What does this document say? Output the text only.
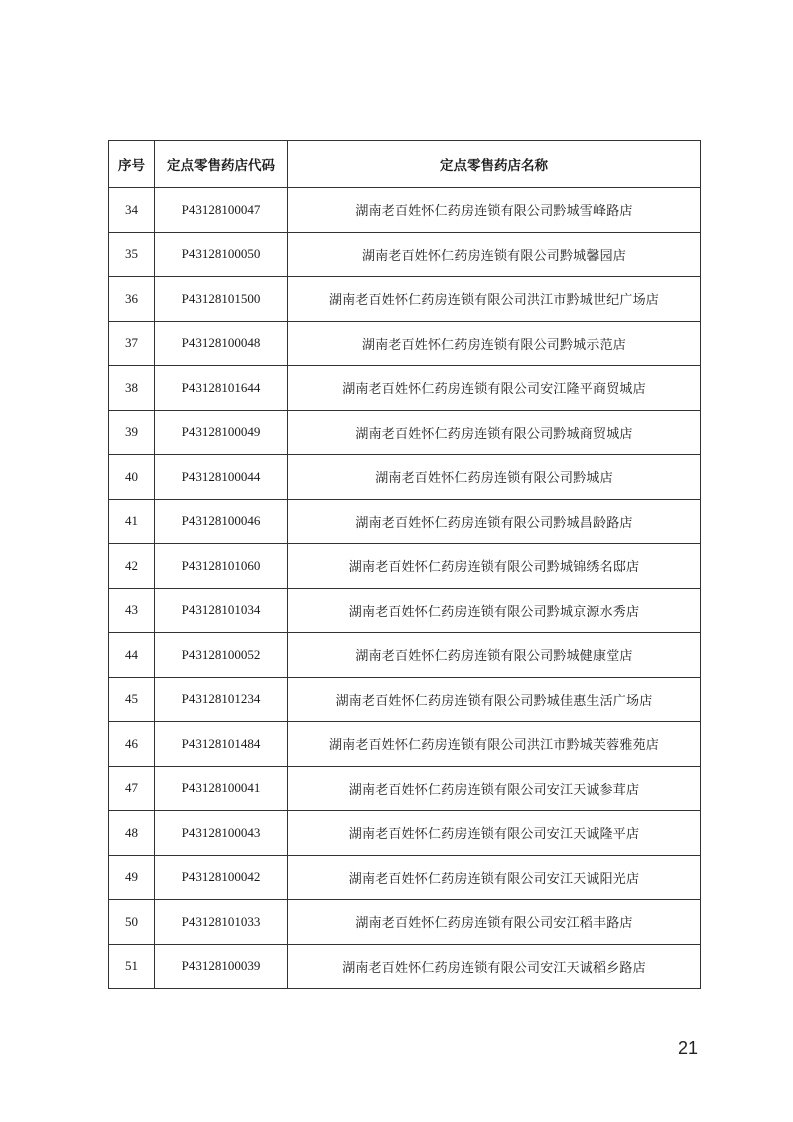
序号	定点零售药店代码	定点零售药店名称
34	P43128100047	湖南老百姓怀仁药房连锁有限公司黔城雪峰路店
35	P43128100050	湖南老百姓怀仁药房连锁有限公司黔城馨园店
36	P43128101500	湖南老百姓怀仁药房连锁有限公司洪江市黔城世纪广场店
37	P43128100048	湖南老百姓怀仁药房连锁有限公司黔城示范店
38	P43128101644	湖南老百姓怀仁药房连锁有限公司安江隆平商贸城店
39	P43128100049	湖南老百姓怀仁药房连锁有限公司黔城商贸城店
40	P43128100044	湖南老百姓怀仁药房连锁有限公司黔城店
41	P43128100046	湖南老百姓怀仁药房连锁有限公司黔城昌龄路店
42	P43128101060	湖南老百姓怀仁药房连锁有限公司黔城锦绣名邸店
43	P43128101034	湖南老百姓怀仁药房连锁有限公司黔城京源水秀店
44	P43128100052	湖南老百姓怀仁药房连锁有限公司黔城健康堂店
45	P43128101234	湖南老百姓怀仁药房连锁有限公司黔城佳惠生活广场店
46	P43128101484	湖南老百姓怀仁药房连锁有限公司洪江市黔城芙蓉雅苑店
47	P43128100041	湖南老百姓怀仁药房连锁有限公司安江天诚参茸店
48	P43128100043	湖南老百姓怀仁药房连锁有限公司安江天诚隆平店
49	P43128100042	湖南老百姓怀仁药房连锁有限公司安江天诚阳光店
50	P43128101033	湖南老百姓怀仁药房连锁有限公司安江稻丰路店
51	P43128100039	湖南老百姓怀仁药房连锁有限公司安江天诚稻乡路店
21
